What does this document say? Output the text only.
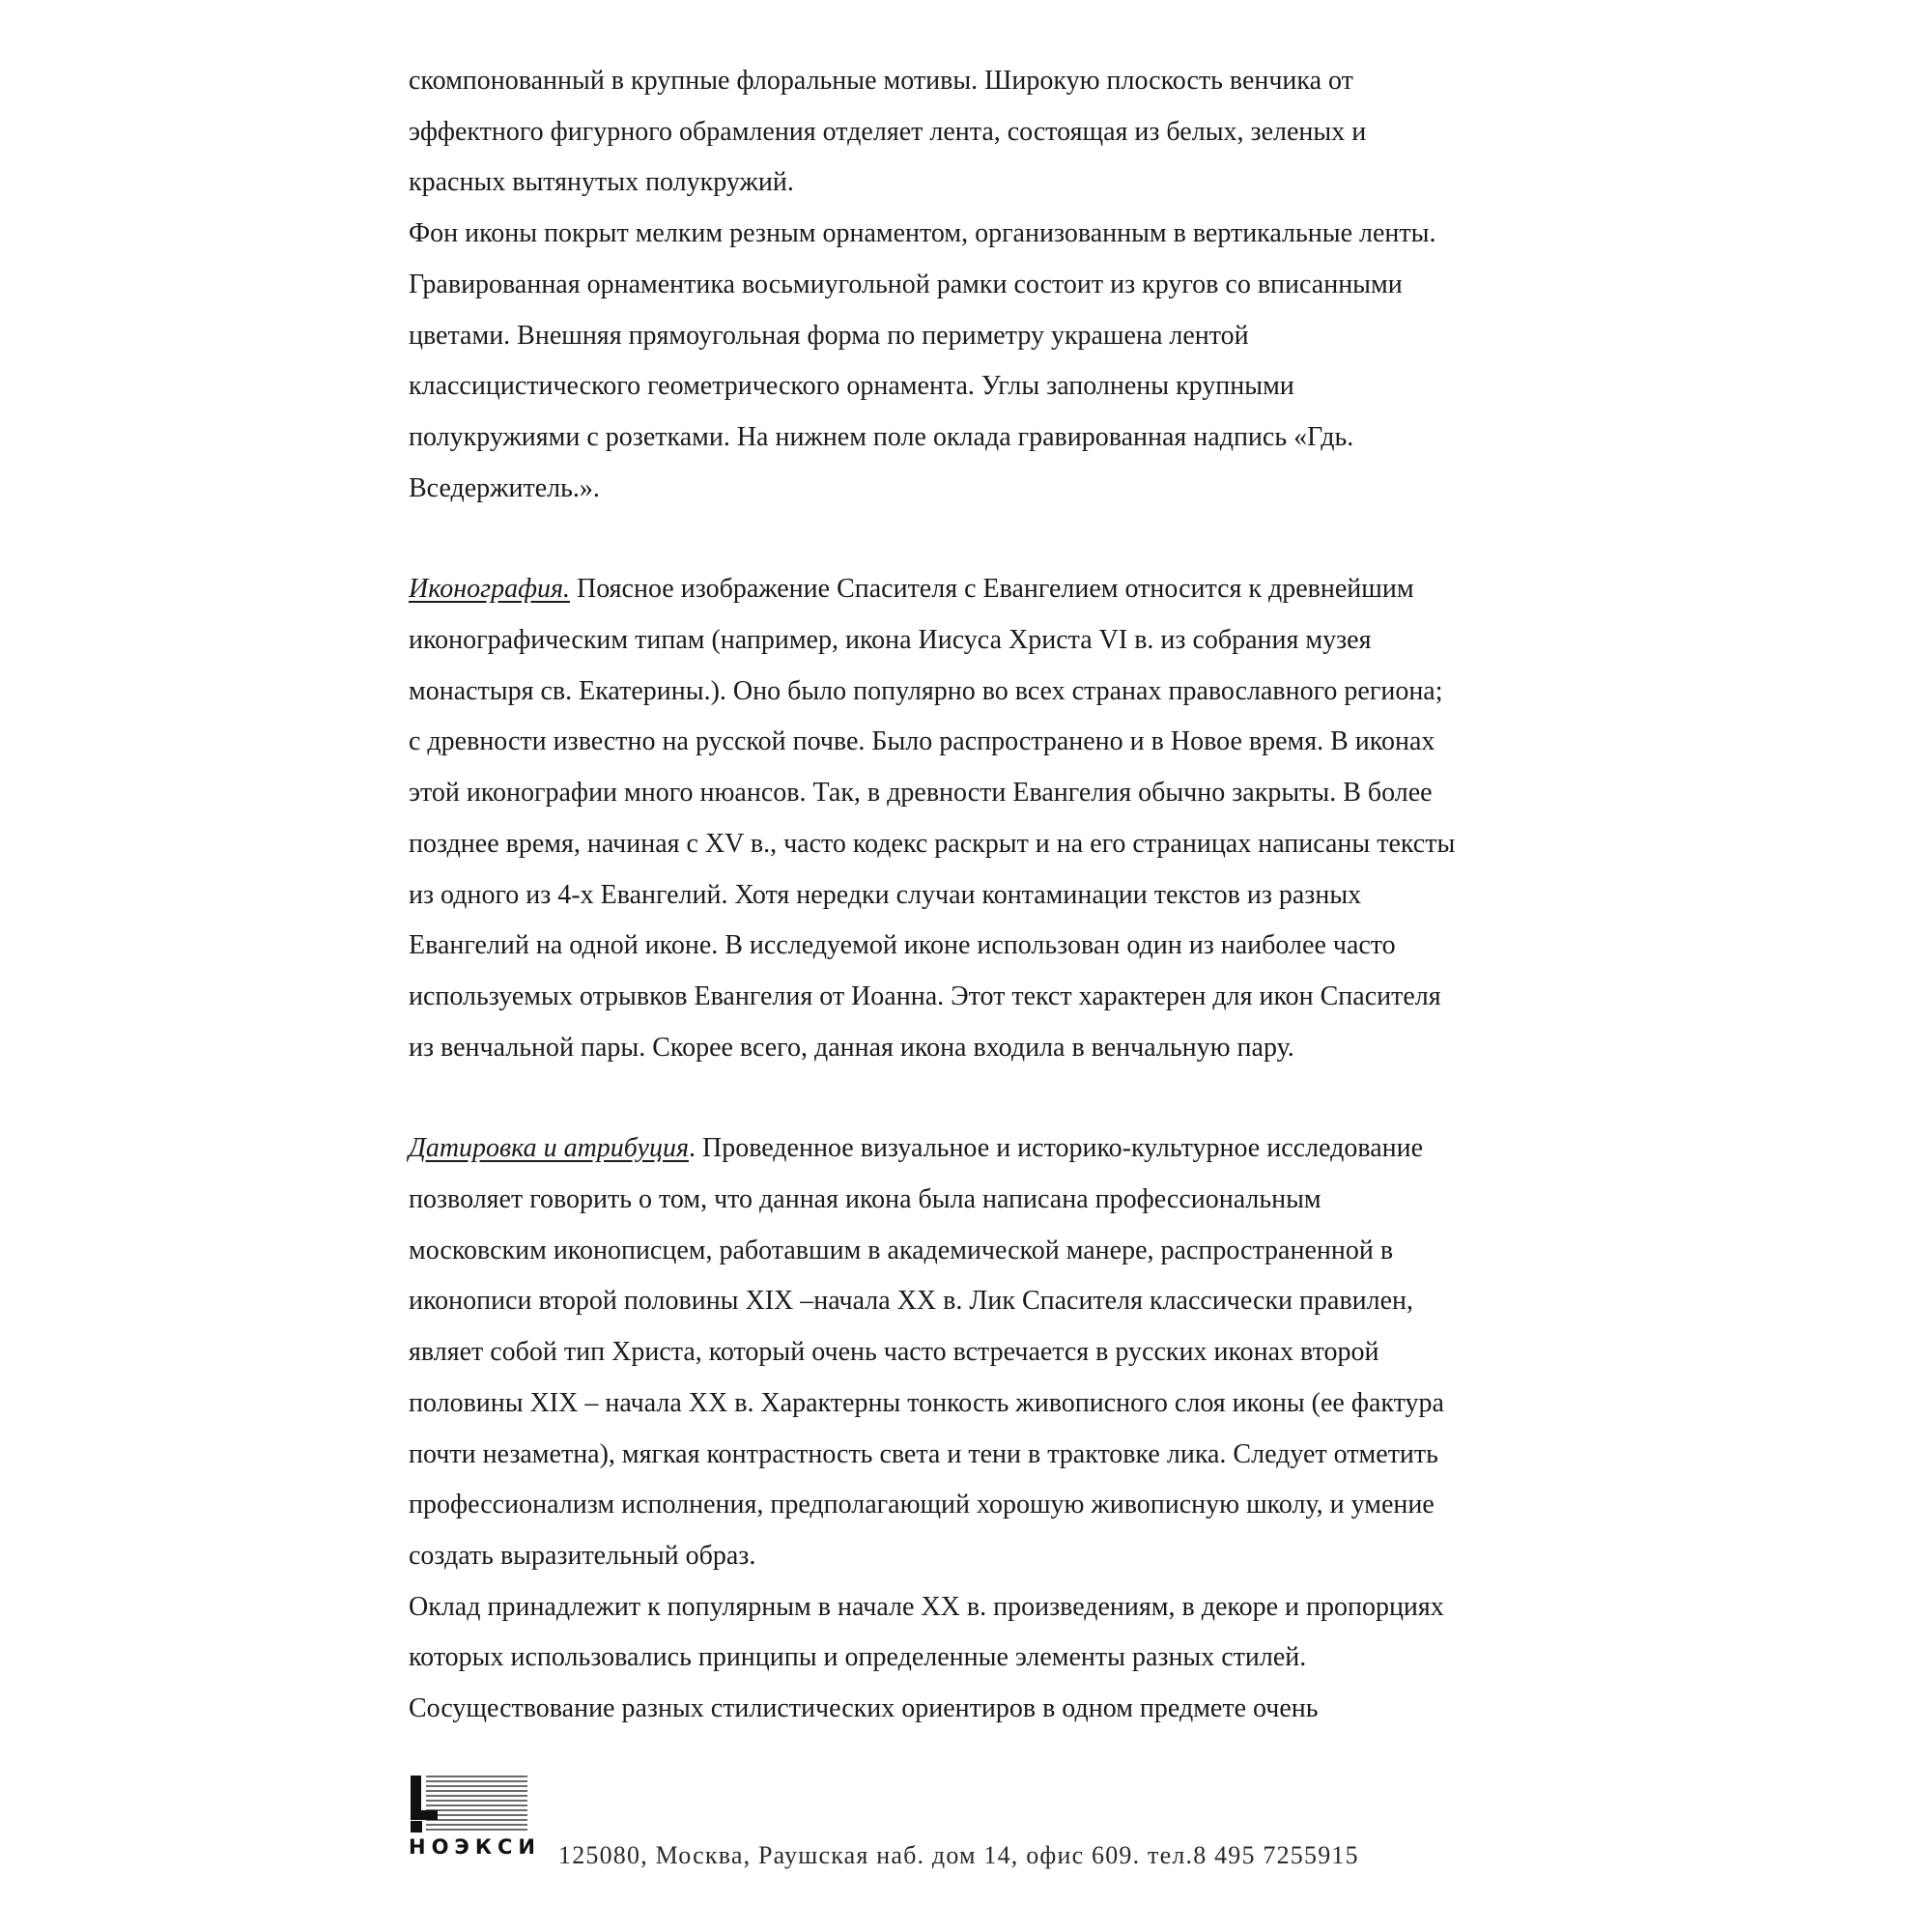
скомпонованный в крупные флоральные мотивы. Широкую плоскость венчика от
эффектного фигурного обрамления отделяет лента, состоящая из белых, зеленых и
красных вытянутых полукружий.

Фон иконы покрыт мелким резным орнаментом, организованным в вертикальные ленты.
Гравированная орнаментика восьмиугольной рамки состоит из кругов со вписанными
цветами. Внешняя прямоугольная форма по периметру украшена лентой
классицистического геометрического орнамента. Углы заполнены крупными
полукружиями с розетками. На нижнем поле оклада гравированная надпись «Гдь.
Вседержитель.».

Иконография. Поясное изображение Спасителя с Евангелием относится к древнейшим
иконографическим типам (например, икона Иисуса Христа VI в. из собрания музея
монастыря св. Екатерины.). Оно было популярно во всех странах православного региона;
с древности известно на русской почве. Было распространено и в Новое время. В иконах
этой иконографии много нюансов. Так, в древности Евангелия обычно закрыты. В более
позднее время, начиная с XV в., часто кодекс раскрыт и на его страницах написаны тексты
из одного из 4-х Евангелий. Хотя нередки случаи контаминации текстов из разных
Евангелий на одной иконе. В исследуемой иконе использован один из наиболее часто
используемых отрывков Евангелия от Иоанна. Этот текст характерен для икон Спасителя
из венчальной пары. Скорее всего, данная икона входила в венчальную пару.

Датировка и атрибуция. Проведенное визуальное и историко-культурное исследование
позволяет говорить о том, что данная икона была написана профессиональным
московским иконописцем, работавшим в академической манере, распространенной в
иконописи второй половины XIX –начала XX в. Лик Спасителя классически правилен,
являет собой тип Христа, который очень часто встречается в русских иконах второй
половины XIX – начала XX в. Характерны тонкость живописного слоя иконы (ее фактура
почти незаметна), мягкая контрастность света и тени в трактовке лика. Следует отметить
профессионализм исполнения, предполагающий хорошую живописную школу, и умение
создать выразительный образ.

Оклад принадлежит к популярным в начале XX в. произведениям, в декоре и пропорциях
которых использовались принципы и определенные элементы разных стилей.
Сосуществование разных стилистических ориентиров в одном предмете очень

НОЭКСИ 125080, Москва, Раушская наб. дом 14, офис 609. тел.8 495 7255915
